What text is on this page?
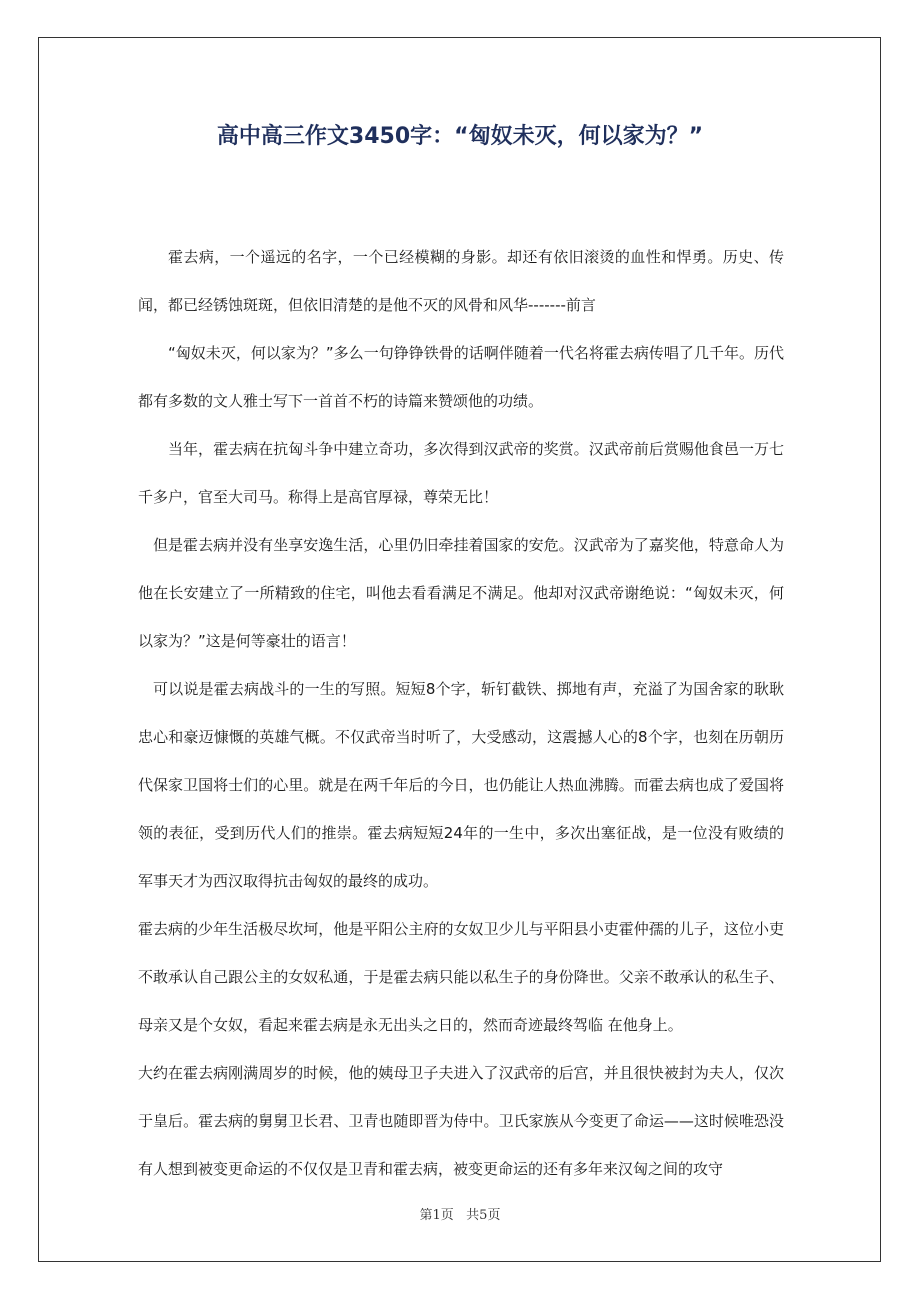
高中高三作文3450字：“匈奴未灭，何以家为？”

霍去病，一个遥远的名字，一个已经模糊的身影。却还有依旧滚烫的血性和悍勇。历史、传闻，都已经锈蚀斑斑，但依旧清楚的是他不灭的风骨和风华-------前言

“匈奴未灭，何以家为？”多么一句铮铮铁骨的话啊伴随着一代名将霍去病传唱了几千年。历代都有多数的文人雅士写下一首首不朽的诗篇来赞颂他的功绩。

当年，霍去病在抗匈斗争中建立奇功，多次得到汉武帝的奖赏。汉武帝前后赏赐他食邑一万七千多户，官至大司马。称得上是高官厚禄，尊荣无比！

但是霍去病并没有坐享安逸生活，心里仍旧牵挂着国家的安危。汉武帝为了嘉奖他，特意命人为他在长安建立了一所精致的住宅，叫他去看看满足不满足。他却对汉武帝谢绝说：“匈奴未灭，何以家为？”这是何等豪壮的语言！

可以说是霍去病战斗的一生的写照。短短8个字，斩钉截铁、掷地有声，充溢了为国舍家的耿耿忠心和豪迈慷慨的英雄气概。不仅武帝当时听了，大受感动，这震撼人心的8个字，也刻在历朝历代保家卫国将士们的心里。就是在两千年后的今日，也仍能让人热血沸腾。而霍去病也成了爱国将领的表征，受到历代人们的推崇。霍去病短短24年的一生中，多次出塞征战，是一位没有败绩的军事天才为西汉取得抗击匈奴的最终的成功。

霍去病的少年生活极尽坎坷，他是平阳公主府的女奴卫少儿与平阳县小吏霍仲孺的儿子，这位小吏不敢承认自己跟公主的女奴私通，于是霍去病只能以私生子的身份降世。父亲不敢承认的私生子、母亲又是个女奴，看起来霍去病是永无出头之日的，然而奇迹最终驾临 在他身上。

大约在霍去病刚满周岁的时候，他的姨母卫子夫进入了汉武帝的后宫，并且很快被封为夫人，仅次于皇后。霍去病的舅舅卫长君、卫青也随即晋为侍中。卫氏家族从今变更了命运——这时候唯恐没有人想到被变更命运的不仅仅是卫青和霍去病，被变更命运的还有多年来汉匈之间的攻守

第1页   共5页
